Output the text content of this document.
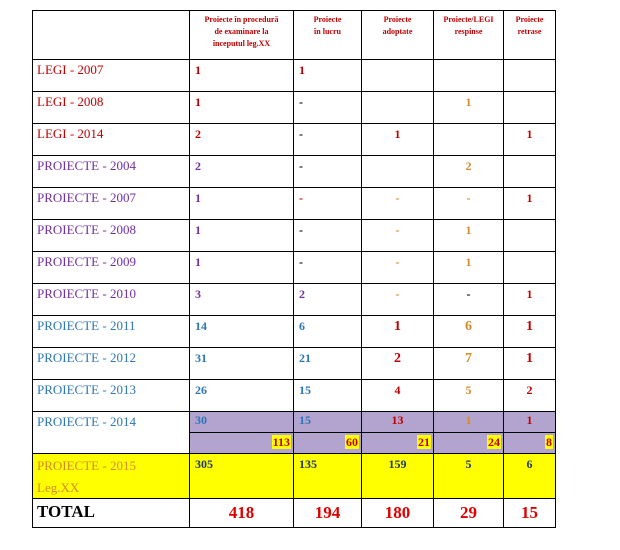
	Proiecte în procedură
de examinare la
începutul leg.XX	Proiecte
în lucru	Proiecte
adoptate	Proiecte/LEGI
respinse	Proiecte
retrase

LEGI - 2007	1	1			

LEGI - 2008	1	-		1	

LEGI - 2014	2	-	1		1

PROIECTE - 2004	2	-		2	

PROIECTE - 2007	1	-	-	-	1

PROIECTE - 2008	1	-	-	1	

PROIECTE - 2009	1	-	-	1	

PROIECTE - 2010	3	2	-	-	1

PROIECTE - 2011	14	6	1	6	1

PROIECTE - 2012	31	21	2	7	1

PROIECTE - 2013	26	15	4	5	2

PROIECTE - 2014	30	15	13	1	1

	113	60	21	24	8

PROIECTE - 2015
Leg.XX	305	135	159	5	6

TOTAL	418	194	180	29	15
